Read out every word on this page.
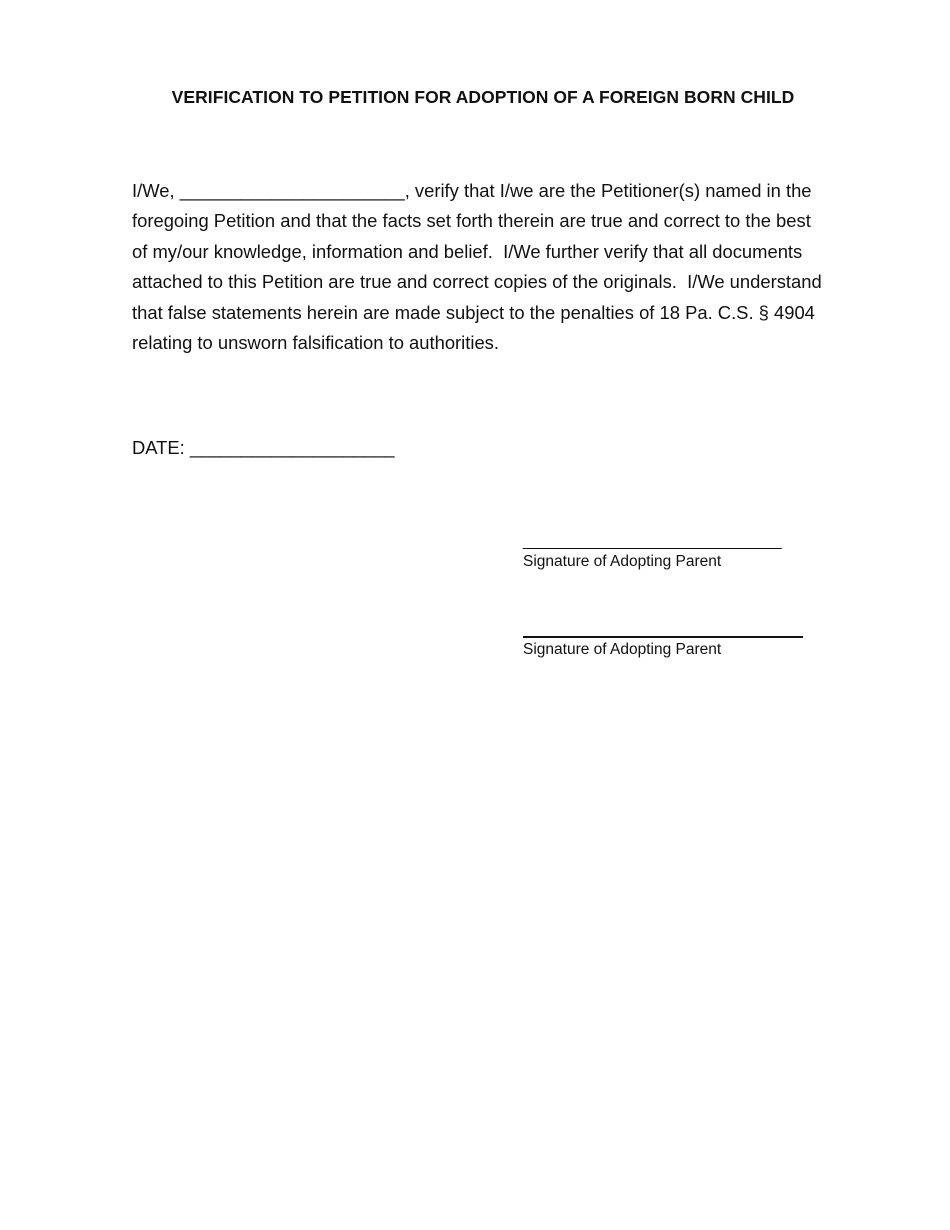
VERIFICATION TO PETITION FOR ADOPTION OF A FOREIGN BORN CHILD
I/We, ______________________, verify that I/we are the Petitioner(s) named in the
foregoing Petition and that the facts set forth therein are true and correct to the best
of my/our knowledge, information and belief.  I/We further verify that all documents
attached to this Petition are true and correct copies of the originals.  I/We understand
that false statements herein are made subject to the penalties of 18 Pa. C.S. § 4904
relating to unsworn falsification to authorities.
DATE: ____________________
______________________________
Signature of Adopting Parent
Signature of Adopting Parent
